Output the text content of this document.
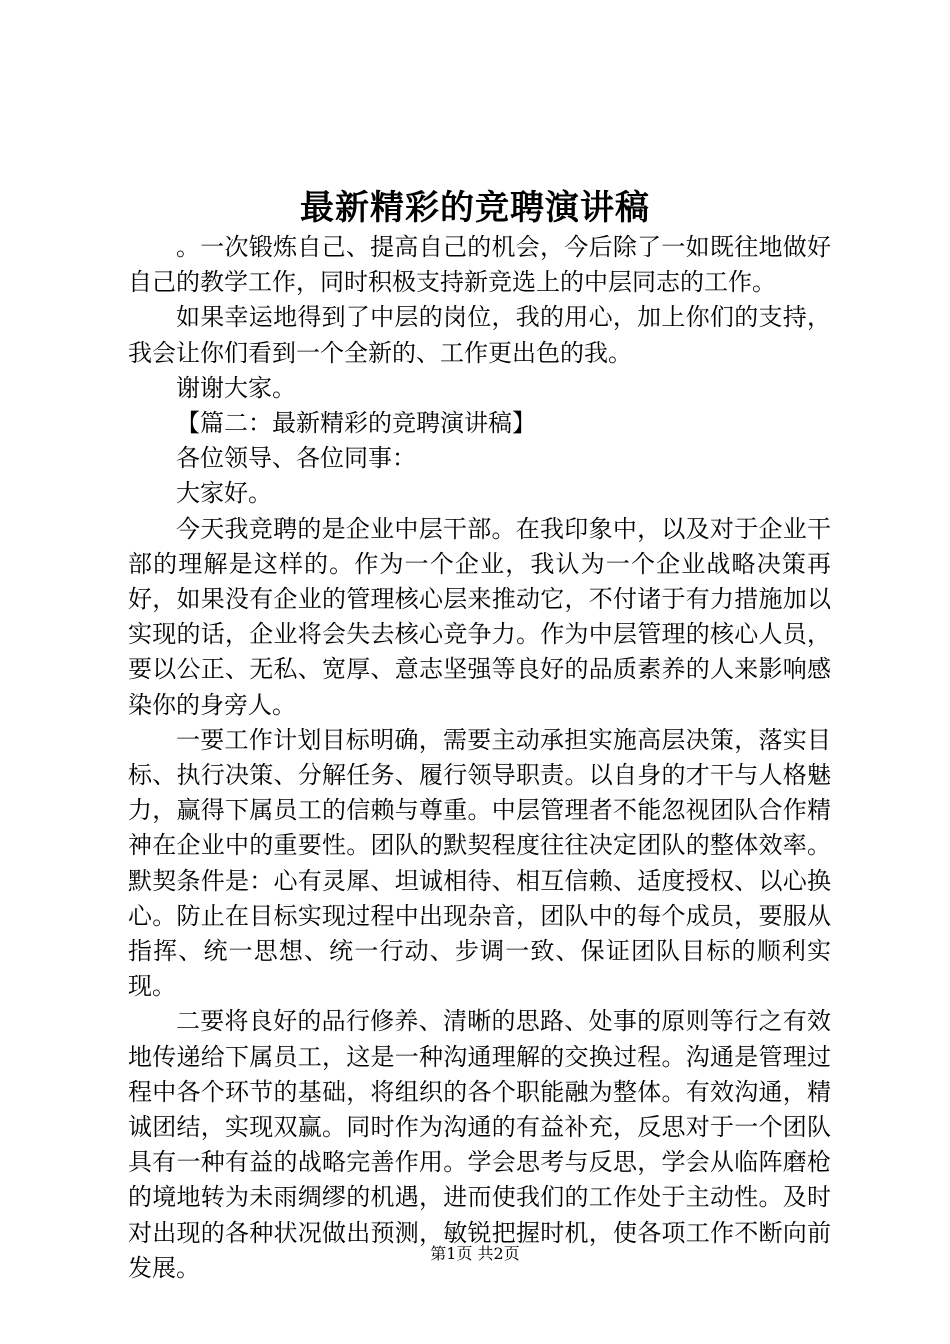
最新精彩的竞聘演讲稿

。一次锻炼自己、提高自己的机会，今后除了一如既往地做好自己的教学工作，同时积极支持新竞选上的中层同志的工作。

如果幸运地得到了中层的岗位，我的用心，加上你们的支持，我会让你们看到一个全新的、工作更出色的我。

谢谢大家。

【篇二：最新精彩的竞聘演讲稿】

各位领导、各位同事：

大家好。

今天我竞聘的是企业中层干部。在我印象中，以及对于企业干部的理解是这样的。作为一个企业，我认为一个企业战略决策再好，如果没有企业的管理核心层来推动它，不付诸于有力措施加以实现的话，企业将会失去核心竞争力。作为中层管理的核心人员，要以公正、无私、宽厚、意志坚强等良好的品质素养的人来影响感染你的身旁人。

一要工作计划目标明确，需要主动承担实施高层决策，落实目标、执行决策、分解任务、履行领导职责。以自身的才干与人格魅力，赢得下属员工的信赖与尊重。中层管理者不能忽视团队合作精神在企业中的重要性。团队的默契程度往往决定团队的整体效率。默契条件是：心有灵犀、坦诚相待、相互信赖、适度授权、以心换心。防止在目标实现过程中出现杂音，团队中的每个成员，要服从指挥、统一思想、统一行动、步调一致、保证团队目标的顺利实现。

二要将良好的品行修养、清晰的思路、处事的原则等行之有效地传递给下属员工，这是一种沟通理解的交换过程。沟通是管理过程中各个环节的基础，将组织的各个职能融为整体。有效沟通，精诚团结，实现双赢。同时作为沟通的有益补充，反思对于一个团队具有一种有益的战略完善作用。学会思考与反思，学会从临阵磨枪的境地转为未雨绸缪的机遇，进而使我们的工作处于主动性。及时对出现的各种状况做出预测，敏锐把握时机，使各项工作不断向前发展。

第1页 共2页
